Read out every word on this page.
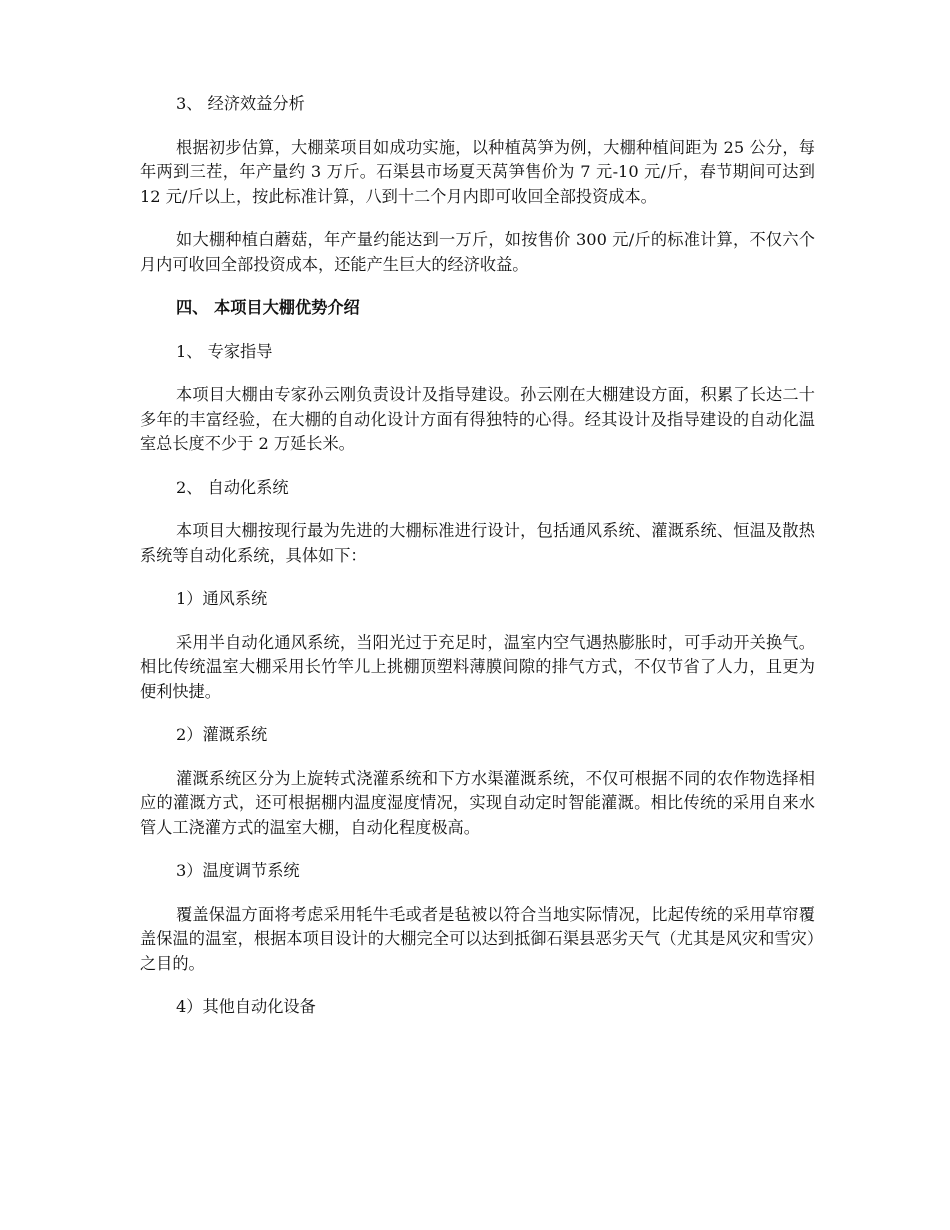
3、 经济效益分析

根据初步估算，大棚菜项目如成功实施，以种植莴笋为例，大棚种植间距为 25 公分，每年两到三茬，年产量约 3 万斤。石渠县市场夏天莴笋售价为 7 元-10 元/斤，春节期间可达到 12 元/斤以上，按此标准计算，八到十二个月内即可收回全部投资成本。

如大棚种植白蘑菇，年产量约能达到一万斤，如按售价 300 元/斤的标准计算，不仅六个月内可收回全部投资成本，还能产生巨大的经济收益。

四、 本项目大棚优势介绍

1、 专家指导

本项目大棚由专家孙云刚负责设计及指导建设。孙云刚在大棚建设方面，积累了长达二十多年的丰富经验，在大棚的自动化设计方面有得独特的心得。经其设计及指导建设的自动化温室总长度不少于 2 万延长米。

2、 自动化系统

本项目大棚按现行最为先进的大棚标准进行设计，包括通风系统、灌溉系统、恒温及散热系统等自动化系统，具体如下：

1）通风系统

采用半自动化通风系统，当阳光过于充足时，温室内空气遇热膨胀时，可手动开关换气。相比传统温室大棚采用长竹竿儿上挑棚顶塑料薄膜间隙的排气方式，不仅节省了人力，且更为便利快捷。

2）灌溉系统

灌溉系统区分为上旋转式浇灌系统和下方水渠灌溉系统，不仅可根据不同的农作物选择相应的灌溉方式，还可根据棚内温度湿度情况，实现自动定时智能灌溉。相比传统的采用自来水管人工浇灌方式的温室大棚，自动化程度极高。

3）温度调节系统

覆盖保温方面将考虑采用牦牛毛或者是毡被以符合当地实际情况，比起传统的采用草帘覆盖保温的温室，根据本项目设计的大棚完全可以达到抵御石渠县恶劣天气（尤其是风灾和雪灾）之目的。

4）其他自动化设备
